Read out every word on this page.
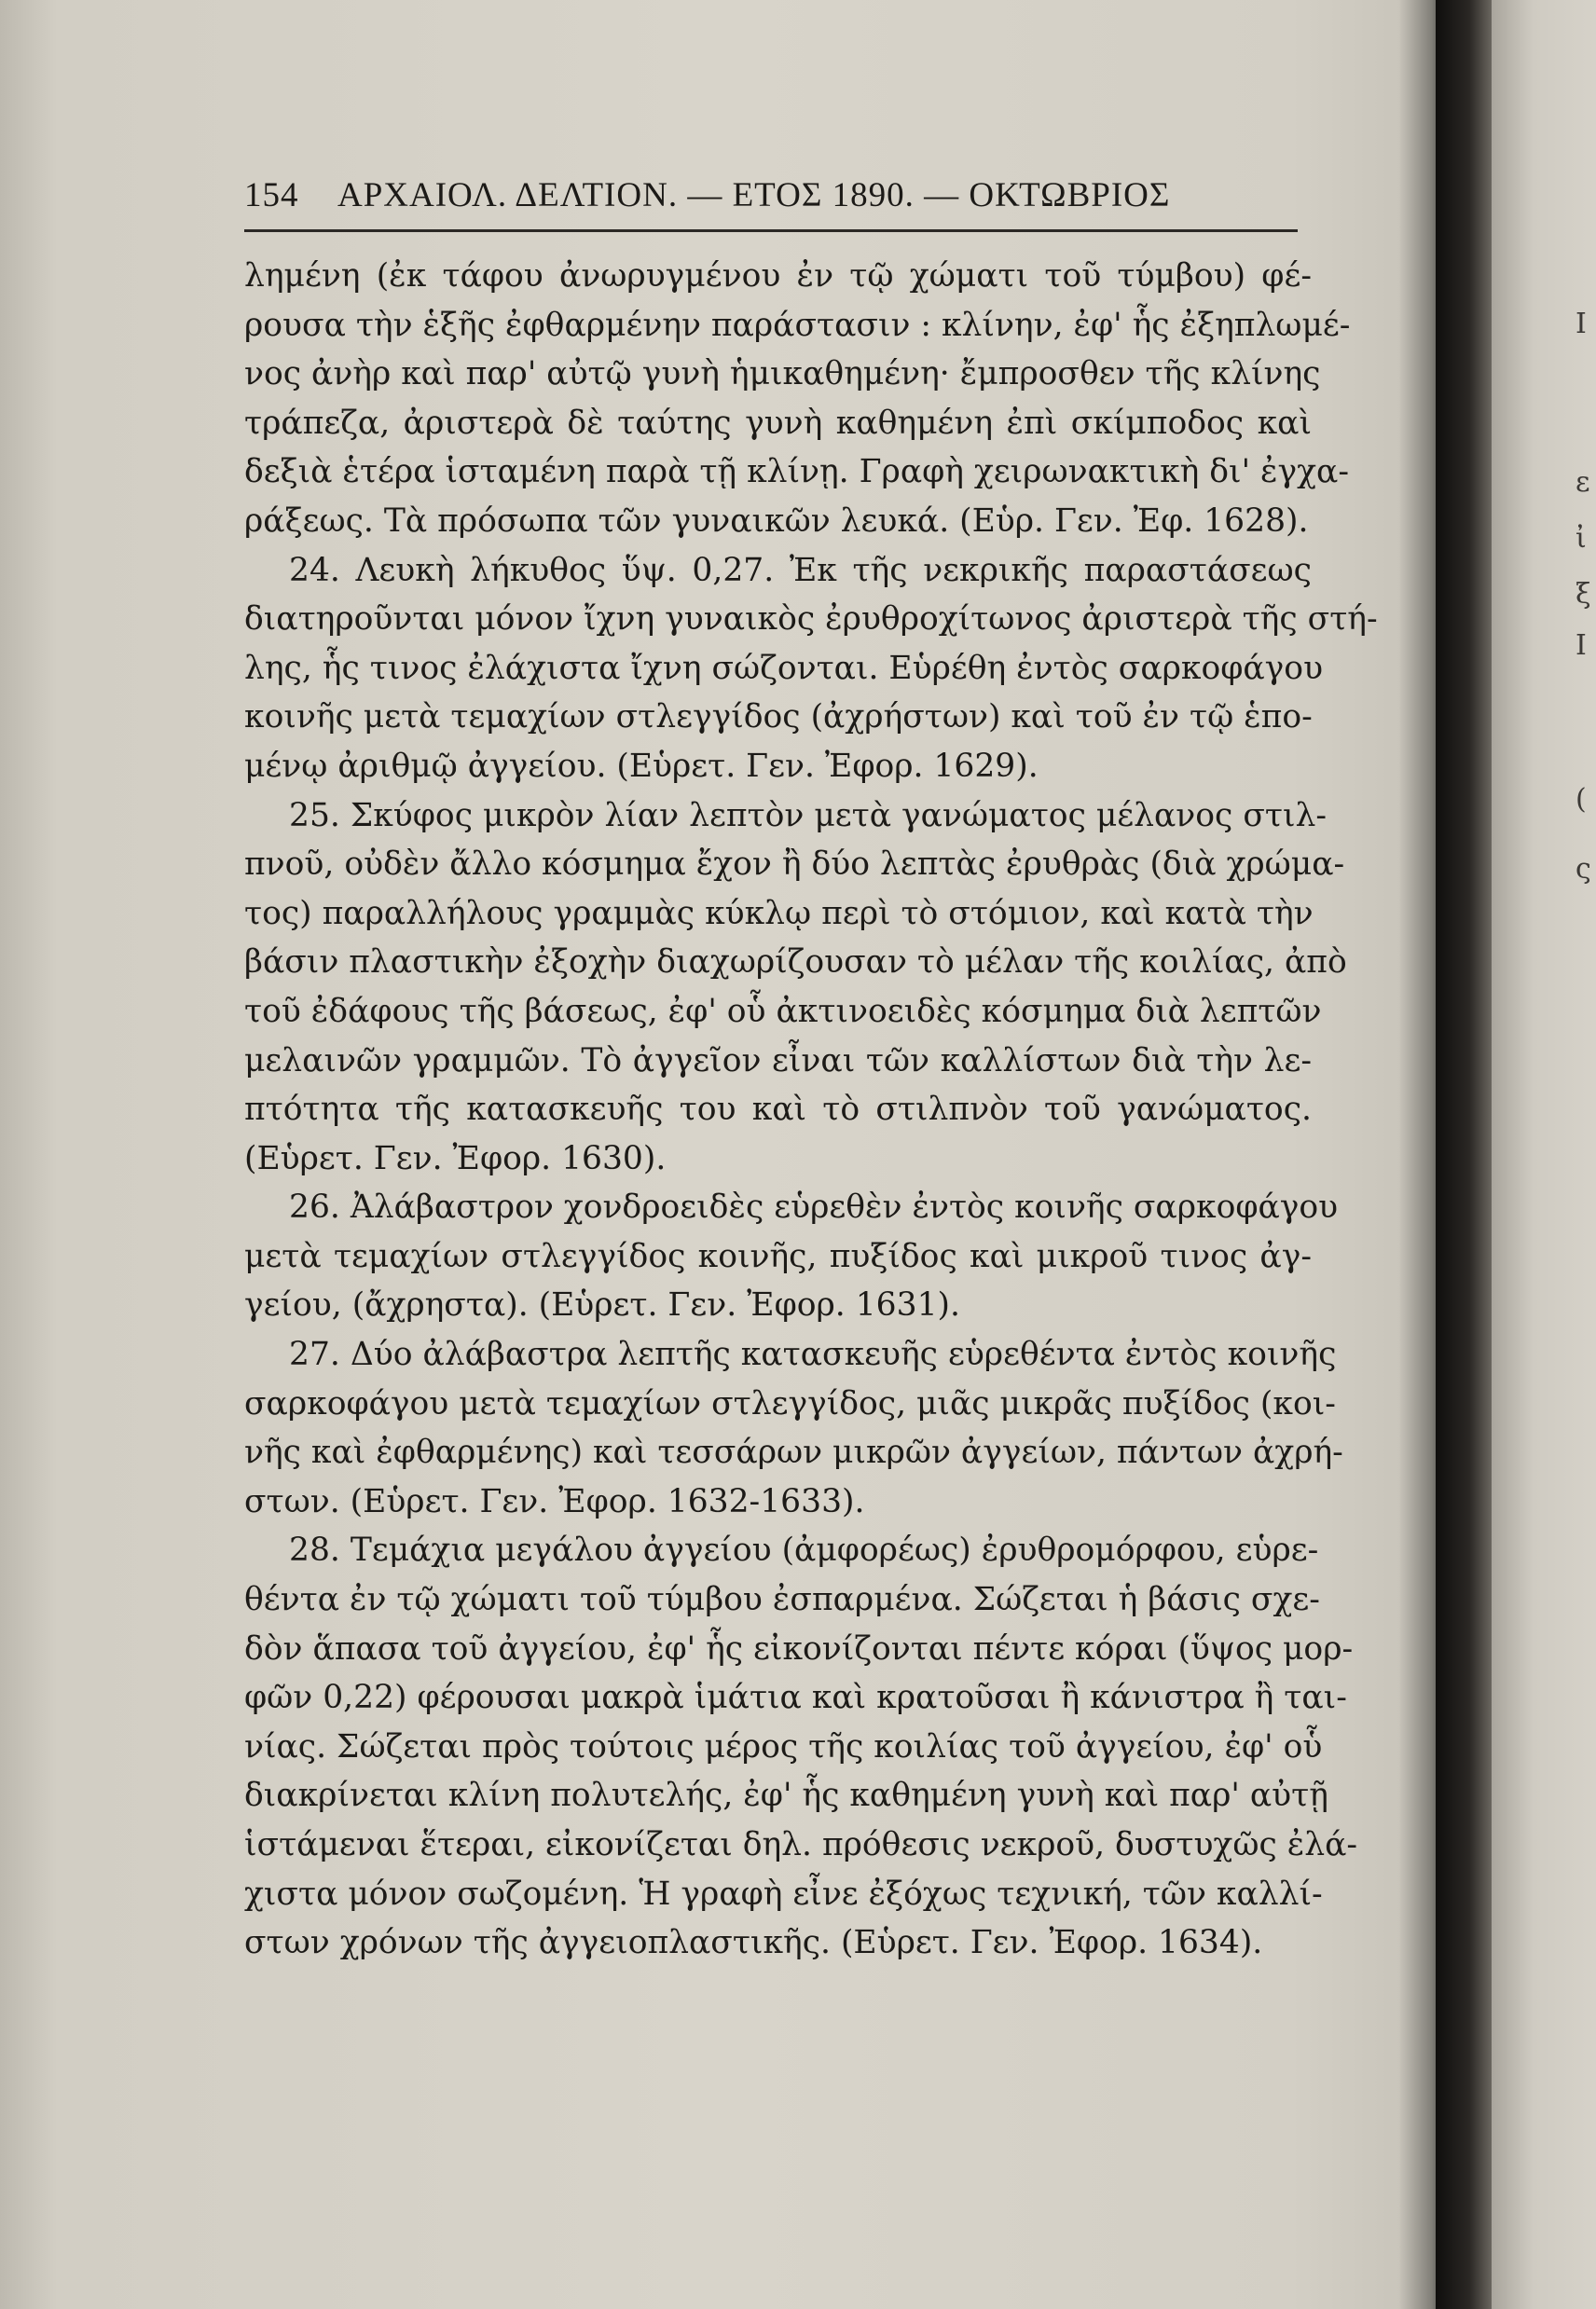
I
ε
ἰ
ξ
I
(
ς
154 ΑΡΧΑΙΟΛ. ΔΕΛΤΙΟΝ. — ΕΤΟΣ 1890. — ΟΚΤΩΒΡΙΟΣ
λημένη (ἐκ τάφου ἀνωρυγμένου ἐν τῷ χώματι τοῦ τύμβου) φέ-
ρουσα τὴν ἑξῆς ἐφθαρμένην παράστασιν : κλίνην, ἐφ' ἧς ἐξηπλωμέ-
νος ἀνὴρ καὶ παρ' αὐτῷ γυνὴ ἡμικαθημένη· ἔμπροσθεν τῆς κλίνης
τράπεζα, ἀριστερὰ δὲ ταύτης γυνὴ καθημένη ἐπὶ σκίμποδος καὶ
δεξιὰ ἑτέρα ἱσταμένη παρὰ τῇ κλίνῃ. Γραφὴ χειρωνακτικὴ δι' ἐγχα-
ράξεως. Τὰ πρόσωπα τῶν γυναικῶν λευκά. (Εὑρ. Γεν. Ἐφ. 1628).
24. Λευκὴ λήκυθος ὕψ. 0,27. Ἐκ τῆς νεκρικῆς παραστάσεως
διατηροῦνται μόνον ἴχνη γυναικὸς ἐρυθροχίτωνος ἀριστερὰ τῆς στή-
λης, ἧς τινος ἐλάχιστα ἴχνη σώζονται. Εὑρέθη ἐντὸς σαρκοφάγου
κοινῆς μετὰ τεμαχίων στλεγγίδος (ἀχρήστων) καὶ τοῦ ἐν τῷ ἑπο-
μένῳ ἀριθμῷ ἀγγείου. (Εὑρετ. Γεν. Ἐφορ. 1629).
25. Σκύφος μικρὸν λίαν λεπτὸν μετὰ γανώματος μέλανος στιλ-
πνοῦ, οὐδὲν ἄλλο κόσμημα ἔχον ἢ δύο λεπτὰς ἐρυθρὰς (διὰ χρώμα-
τος) παραλλήλους γραμμὰς κύκλῳ περὶ τὸ στόμιον, καὶ κατὰ τὴν
βάσιν πλαστικὴν ἐξοχὴν διαχωρίζουσαν τὸ μέλαν τῆς κοιλίας, ἀπὸ
τοῦ ἐδάφους τῆς βάσεως, ἐφ' οὗ ἀκτινοειδὲς κόσμημα διὰ λεπτῶν
μελαινῶν γραμμῶν. Τὸ ἀγγεῖον εἶναι τῶν καλλίστων διὰ τὴν λε-
πτότητα τῆς κατασκευῆς του καὶ τὸ στιλπνὸν τοῦ γανώματος.
(Εὑρετ. Γεν. Ἐφορ. 1630).
26. Ἀλάβαστρον χονδροειδὲς εὑρεθὲν ἐντὸς κοινῆς σαρκοφάγου
μετὰ τεμαχίων στλεγγίδος κοινῆς, πυξίδος καὶ μικροῦ τινος ἀγ-
γείου, (ἄχρηστα). (Εὑρετ. Γεν. Ἐφορ. 1631).
27. Δύο ἀλάβαστρα λεπτῆς κατασκευῆς εὑρεθέντα ἐντὸς κοινῆς
σαρκοφάγου μετὰ τεμαχίων στλεγγίδος, μιᾶς μικρᾶς πυξίδος (κοι-
νῆς καὶ ἐφθαρμένης) καὶ τεσσάρων μικρῶν ἀγγείων, πάντων ἀχρή-
στων. (Εὑρετ. Γεν. Ἐφορ. 1632-1633).
28. Τεμάχια μεγάλου ἀγγείου (ἀμφορέως) ἐρυθρομόρφου, εὑρε-
θέντα ἐν τῷ χώματι τοῦ τύμβου ἐσπαρμένα. Σώζεται ἡ βάσις σχε-
δὸν ἅπασα τοῦ ἀγγείου, ἐφ' ἧς εἰκονίζονται πέντε κόραι (ὕψος μορ-
φῶν 0,22) φέρουσαι μακρὰ ἱμάτια καὶ κρατοῦσαι ἢ κάνιστρα ἢ ται-
νίας. Σώζεται πρὸς τούτοις μέρος τῆς κοιλίας τοῦ ἀγγείου, ἐφ' οὗ
διακρίνεται κλίνη πολυτελής, ἐφ' ἧς καθημένη γυνὴ καὶ παρ' αὐτῇ
ἱστάμεναι ἕτεραι, εἰκονίζεται δηλ. πρόθεσις νεκροῦ, δυστυχῶς ἐλά-
χιστα μόνον σωζομένη. Ἡ γραφὴ εἶνε ἐξόχως τεχνική, τῶν καλλί-
στων χρόνων τῆς ἀγγειοπλαστικῆς. (Εὑρετ. Γεν. Ἐφορ. 1634).
